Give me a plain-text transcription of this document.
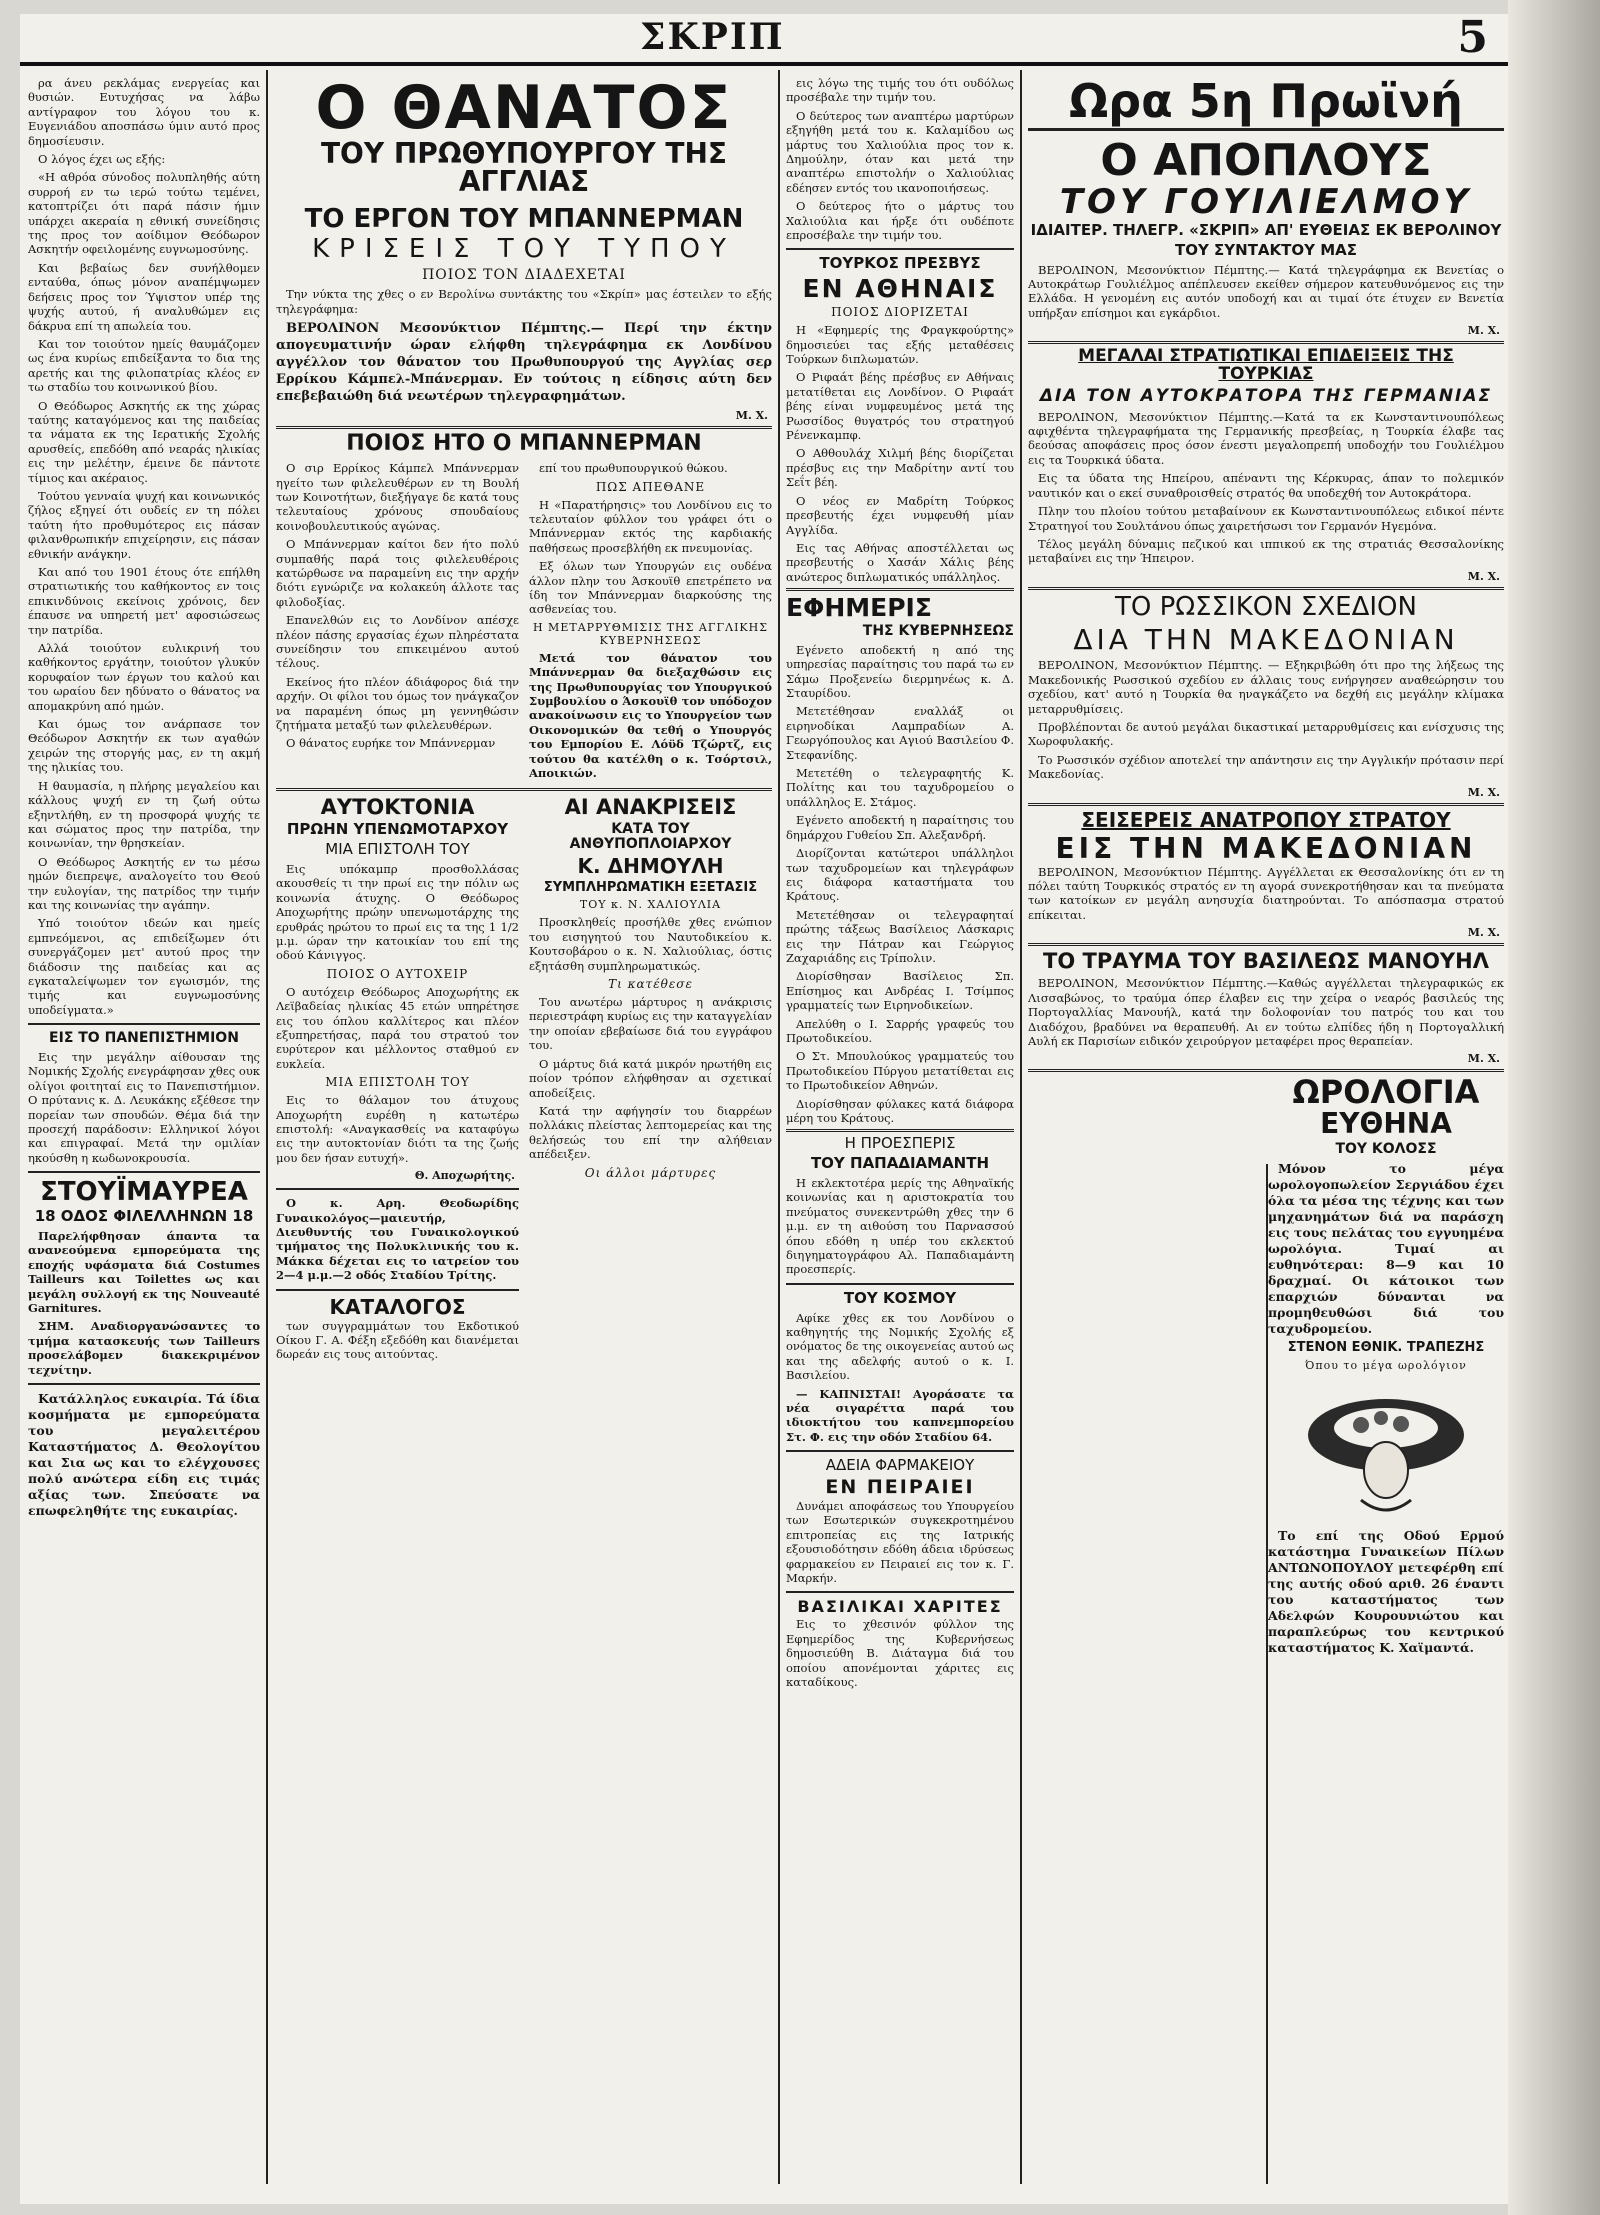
ΣΚΡΙΠ	5

ρα άνευ ρεκλάμας ενεργείας και θυσιών. Ευτυχήσας να λάβω αντίγραφον του λόγου του κ. Ευγενιάδου αποσπάσω ύμιν αυτό προς δημοσίευσιν.

Ο λόγος έχει ως εξής:

«Η αθρόα σύνοδος πολυπληθής αύτη συρροή εν τω ιερώ τούτω τεμένει, κατοπτρίζει ότι παρά πάσιν ήμιν υπάρχει ακεραία η εθνική συνείδησις της προς τον αοίδιμον Θεόδωρον Ασκητήν οφειλομένης ευγνωμοσύνης.

Και βεβαίως δεν συνήλθομεν ενταύθα, όπως μόνον αναπέμψωμεν δεήσεις προς τον Ύψιστον υπέρ της ψυχής αυτού, ή αναλυθώμεν εις δάκρυα επί τη απωλεία του.

Και τον τοιούτον ημείς θαυμάζομεν ως ένα κυρίως επιδείξαντα το δια της αρετής και της φιλοπατρίας κλέος εν τω σταδίω του κοινωνικού βίου.

Ο Θεόδωρος Ασκητής εκ της χώρας ταύτης καταγόμενος και της παιδείας τα νάματα εκ της Ιερατικής Σχολής αρυσθείς, επεδόθη από νεαράς ηλικίας εις την μελέτην, έμεινε δε πάντοτε τίμιος και ακέραιος.

Τούτου γενναία ψυχή και κοινωνικός ζήλος εξηγεί ότι ουδείς εν τη πόλει ταύτη ήτο προθυμότερος εις πάσαν φιλανθρωπικήν επιχείρησιν, εις πάσαν εθνικήν ανάγκην.

Και από του 1901 έτους ότε επήλθη στρατιωτικής του καθήκοντος εν τοις επικινδύνοις εκείνοις χρόνοις, δεν έπαυσε να υπηρετή μετ' αφοσιώσεως την πατρίδα.

Αλλά τοιούτον ευλικρινή του καθήκοντος εργάτην, τοιούτον γλυκύν κορυφαίον των έργων του καλού και του ωραίου δεν ηδύνατο ο θάνατος να απομακρύνη από ημών.

Και όμως τον ανάρπασε τον Θεόδωρον Ασκητήν εκ των αγαθών χειρών της στοργής μας, εν τη ακμή της ηλικίας του.

Η θαυμασία, η πλήρης μεγαλείου και κάλλους ψυχή εν τη ζωή ούτω εξηντλήθη, εν τη προσφορά ψυχής τε και σώματος προς την πατρίδα, την κοινωνίαν, την θρησκείαν.

Ο Θεόδωρος Ασκητής εν τω μέσω ημών διεπρεψε, αναλογείτο του Θεού την ευλογίαν, της πατρίδος την τιμήν και της κοινωνίας την αγάπην.

Υπό τοιούτον ιδεών και ημείς εμπνεόμενοι, ας επιδείξωμεν ότι συνεργάζομεν μετ' αυτού προς την διάδοσιν της παιδείας και ας εγκαταλείψωμεν τον εγωισμόν, της τιμής και ευγνωμοσύνης υποδείγματα.»

ΕΙΣ ΤΟ ΠΑΝΕΠΙΣΤΗΜΙΟΝ

Εις την μεγάλην αίθουσαν της Νομικής Σχολής ενεγράφησαν χθες ουκ ολίγοι φοιτηταί εις το Πανεπιστήμιον. Ο πρύτανις κ. Δ. Λευκάκης εξέθεσε την πορείαν των σπουδών. Θέμα διά την προσεχή παράδοσιν: Ελληνικοί λόγοι και επιγραφαί. Μετά την ομιλίαν ηκούσθη η κωδωνοκρουσία.

ΣΤΟΥΪΜΑΥΡΕΑ
18 ΟΔΟΣ ΦΙΛΕΛΛΗΝΩΝ 18

Παρελήφθησαν άπαντα τα ανανεούμενα εμπορεύματα της εποχής υφάσματα διά Costumes Tailleurs και Toilettes ως και μεγάλη συλλογή εκ της Nouveauté Garnitures.

ΣΗΜ. Αναδιοργανώσαντες το τμήμα κατασκευής των Tailleurs προσελάβομεν διακεκριμένον τεχνίτην.

Κατάλληλος ευκαιρία. Τά ίδια κοσμήματα με εμπορεύματα του μεγαλειτέρου Καταστήματος Δ. Θεολογίτου και Σια ως και το ελέγχουσες πολύ ανώτερα είδη εις τιμάς αξίας των. Σπεύσατε να επωφεληθήτε της ευκαιρίας.

Ο ΘΑΝΑΤΟΣ
ΤΟΥ ΠΡΩΘΥΠΟΥΡΓΟΥ ΤΗΣ ΑΓΓΛΙΑΣ
ΤΟ ΕΡΓΟΝ ΤΟΥ ΜΠΑΝΝΕΡΜΑΝ
ΚΡΙΣΕΙΣ ΤΟΥ ΤΥΠΟΥ
ΠΟΙΟΣ ΤΟΝ ΔΙΑΔΕΧΕΤΑΙ

Την νύκτα της χθες ο εν Βερολίνω συντάκτης του «Σκρίπ» μας έστειλεν το εξής τηλεγράφημα:

ΒΕΡΟΛΙΝΟΝ Μεσονύκτιον Πέμπτης.— Περί την έκτην απογευματινήν ώραν ελήφθη τηλεγράφημα εκ Λονδίνου αγγέλλον τον θάνατον του Πρωθυπουργού της Αγγλίας σερ Ερρίκου Κάμπελ-Μπάνερμαν. Εν τούτοις η είδησις αύτη δεν επεβεβαιώθη διά νεωτέρων τηλεγραφημάτων.

Μ. Χ.
ΠΟΙΟΣ ΗΤΟ Ο ΜΠΑΝΝΕΡΜΑΝ

Ο σιρ Ερρίκος Κάμπελ Μπάννερμαν ηγείτο των φιλελευθέρων εν τη Βουλή των Κοινοτήτων, διεξήγαγε δε κατά τους τελευταίους χρόνους σπουδαίους κοινοβουλευτικούς αγώνας.

Ο Μπάννερμαν καίτοι δεν ήτο πολύ συμπαθής παρά τοις φιλελευθέροις κατώρθωσε να παραμείνη εις την αρχήν διότι εγνώριζε να κολακεύη άλλοτε τας φιλοδοξίας.

Επανελθών εις το Λονδίνον απέσχε πλέον πάσης εργασίας έχων πληρέστατα συνείδησιν του επικειμένου αυτού τέλους.

Εκείνος ήτο πλέον άδιάφορος διά την αρχήν. Οι φίλοι του όμως τον ηνάγκαζον να παραμένη όπως μη γεννηθώσιν ζητήματα μεταξύ των φιλελευθέρων.

Ο θάνατος ευρήκε τον Μπάννερμαν

επί του πρωθυπουργικού θώκου.

ΠΩΣ ΑΠΕΘΑΝΕ

Η «Παρατήρησις» του Λονδίνου εις το τελευταίον φύλλον του γράφει ότι ο Μπάννερμαν εκτός της καρδιακής παθήσεως προσεβλήθη εκ πνευμονίας.

Εξ όλων των Υπουργών εις ουδένα άλλον πλην του Άσκουϊθ επετρέπετο να ίδη τον Μπάννερμαν διαρκούσης της ασθενείας του.

Η ΜΕΤΑΡΡΥΘΜΙΣΙΣ ΤΗΣ ΑΓΓΛΙΚΗΣ ΚΥΒΕΡΝΗΣΕΩΣ

Μετά τον θάνατον του Μπάννερμαν θα διεξαχθώσιν εις της Πρωθυπουργίας τον Υπουργικού Συμβουλίου ο Άσκουϊθ τον υπόδοχον ανακοίνωσιν εις το Υπουργείον των Οικονομικών θα τεθή ο Υπουργός του Εμπορίου Ε. Λόϋδ Τζώρτζ, εις τούτου θα κατέλθη ο κ. Τσόρτσιλ, Αποικιών.

ΑΥΤΟΚΤΟΝΙΑ
ΠΡΩΗΝ ΥΠΕΝΩΜΟΤΑΡΧΟΥ
ΜΙΑ ΕΠΙΣΤΟΛΗ ΤΟΥ

Εις υπόκαμπρ προσθολλάσας ακουσθείς τι την πρωί εις την πόλιν ως κοινωνία άτυχης. Ο Θεόδωρος Αποχωρήτης πρώην υπενωμοτάρχης της ερυθράς ηρώτου το πρωί εις τα της 1 1/2 μ.μ. ώραν την κατοικίαν του επί της οδού Κάνιγγος.

ΠΟΙΟΣ Ο ΑΥΤΟΧΕΙΡ

Ο αυτόχειρ Θεόδωρος Αποχωρήτης εκ Λεϊβαδείας ηλικίας 45 ετών υπηρέτησε εις του όπλου καλλίτερος και πλέον εξυπηρετήσας, παρά του στρατού τον ευρύτερον και μέλλοντος σταθμού εν ευκλεία.

ΜΙΑ ΕΠΙΣΤΟΛΗ ΤΟΥ

Εις το θάλαμον του άτυχους Αποχωρήτη ευρέθη η κατωτέρω επιστολή: «Αναγκασθείς να καταφύγω εις την αυτοκτονίαν διότι τα της ζωής μου δεν ήσαν ευτυχή».

Θ. Αποχωρήτης.

Ο κ. Αρη. Θεοδωρίδης Γυναικολόγος—μαιευτήρ, Διευθυντής του Γυναικολογικού τμήματος της Πολυκλινικής του κ. Μάκκα δέχεται εις το ιατρείον του 2—4 μ.μ.—2 οδός Σταδίου Τρίτης.

ΚΑΤΑΛΟΓΟΣ

των συγγραμμάτων του Εκδοτικού Οίκου Γ. Α. Φέξη εξεδόθη και διανέμεται δωρεάν εις τους αιτούντας.

ΑΙ ΑΝΑΚΡΙΣΕΙΣ
ΚΑΤΑ ΤΟΥ ΑΝΘΥΠΟΠΛΟΙΑΡΧΟΥ
Κ. ΔΗΜΟΥΛΗ
ΣΥΜΠΛΗΡΩΜΑΤΙΚΗ ΕΞΕΤΑΣΙΣ
ΤΟΥ κ. Ν. ΧΑΛΙΟΥΛΙΑ

Προσκληθείς προσήλθε χθες ενώπιον του εισηγητού του Ναυτοδικείου κ. Κουτσοβάρου ο κ. Ν. Χαλιούλιας, όστις εξητάσθη συμπληρωματικώς.

Τι κατέθεσε

Του ανωτέρω μάρτυρος η ανάκρισις περιεστράφη κυρίως εις την καταγγελίαν την οποίαν εβεβαίωσε διά του εγγράφου του.

Ο μάρτυς διά κατά μικρόν ηρωτήθη εις ποίον τρόπον ελήφθησαν αι σχετικαί αποδείξεις.

Κατά την αφήγησίν του διαρρέων πολλάκις πλείστας λεπτομερείας και της θελήσεώς του επί την αλήθειαν απέδειξεν.

Οι άλλοι μάρτυρες

εις λόγω της τιμής του ότι ουδόλως προσέβαλε την τιμήν του.

Ο δεύτερος των αναπτέρω μαρτύρων εξηγήθη μετά του κ. Καλαμίδου ως μάρτυς του Χαλιούλια προς τον κ. Δημούλην, όταν και μετά την αναπτέρω επιστολήν ο Χαλιούλιας εδέησεν εντός του ικανοποιήσεως.

Ο δεύτερος ήτο ο μάρτυς του Χαλιούλια και ήρξε ότι ουδέποτε επροσέβαλε την τιμήν του.

ΤΟΥΡΚΟΣ ΠΡΕΣΒΥΣ
ΕΝ ΑΘΗΝΑΙΣ
ΠΟΙΟΣ ΔΙΟΡΙΖΕΤΑΙ

Η «Εφημερίς της Φραγκφούρτης» δημοσιεύει τας εξής μεταθέσεις Τούρκων διπλωματών.

Ο Ριφαάτ βέης πρέσβυς εν Αθήναις μετατίθεται εις Λονδίνον. Ο Ριφαάτ βέης είναι νυμφευμένος μετά της Ρωσσίδος θυγατρός του στρατηγού Ρένενκαμπφ.

Ο Αθθουλάχ Χιλμή βέης διορίζεται πρέσβυς εις την Μαδρίτην αντί του Σεΐτ βέη.

Ο νέος εν Μαδρίτη Τούρκος πρεσβευτής έχει νυμφευθή μίαν Αγγλίδα.

Εις τας Αθήνας αποστέλλεται ως πρεσβευτής ο Χασάν Χάλις βέης ανώτερος διπλωματικός υπάλληλος.

ΕΦΗΜΕΡΙΣ
ΤΗΣ ΚΥΒΕΡΝΗΣΕΩΣ

Εγένετο αποδεκτή η από της υπηρεσίας παραίτησις του παρά τω εν Σάμω Προξενείω διερμηνέως κ. Δ. Σταυρίδου.

Μετετέθησαν εναλλάξ οι ειρηνοδίκαι Λαμπραδίων Α. Γεωργόπουλος και Αγιού Βασιλείου Φ. Στεφανίδης.

Μετετέθη ο τελεγραφητής Κ. Πολίτης και του ταχυδρομείου ο υπάλληλος Ε. Στάμος.

Εγένετο αποδεκτή η παραίτησις του δημάρχου Γυθείου Σπ. Αλεξανδρή.

Διορίζονται κατώτεροι υπάλληλοι των ταχυδρομείων και τηλεγράφων εις διάφορα καταστήματα του Κράτους.

Μετετέθησαν οι τελεγραφηταί πρώτης τάξεως Βασίλειος Λάσκαρις εις την Πάτραν και Γεώργιος Ζαχαριάδης εις Τρίπολιν.

Διορίσθησαν Βασίλειος Σπ. Επίσημος και Ανδρέας Ι. Τσίμπος γραμματείς των Ειρηνοδικείων.

Απελύθη ο Ι. Σαρρής γραφεύς του Πρωτοδικείου.

Ο Στ. Μπουλούκος γραμματεύς του Πρωτοδικείου Πύργου μετατίθεται εις το Πρωτοδικείον Αθηνών.

Διορίσθησαν φύλακες κατά διάφορα μέρη του Κράτους.

Η ΠΡΟΕΣΠΕΡΙΣ
ΤΟΥ ΠΑΠΑΔΙΑΜΑΝΤΗ

Η εκλεκτοτέρα μερίς της Αθηναϊκής κοινωνίας και η αριστοκρατία του πνεύματος συνεκεντρώθη χθες την 6 μ.μ. εν τη αιθούση του Παρνασσού όπου εδόθη η υπέρ του εκλεκτού διηγηματογράφου Αλ. Παπαδιαμάντη προεσπερίς.

ΤΟΥ ΚΟΣΜΟΥ

Αφίκε χθες εκ του Λονδίνου ο καθηγητής της Νομικής Σχολής εξ ονόματος δε της οικογενείας αυτού ως και της αδελφής αυτού ο κ. Ι. Βασιλείου.

— ΚΑΠΝΙΣΤΑΙ! Αγοράσατε τα νέα σιγαρέττα παρά του ιδιοκτήτου του καπνεμπορείου Στ. Φ. εις την οδόν Σταδίου 64.

ΑΔΕΙΑ ΦΑΡΜΑΚΕΙΟΥ
ΕΝ ΠΕΙΡΑΙΕΙ

Δυνάμει αποφάσεως του Υπουργείου των Εσωτερικών συγκεκροτημένου επιτροπείας εις της Ιατρικής εξουσιοδότησιν εδόθη άδεια ιδρύσεως φαρμακείου εν Πειραιεί εις τον κ. Γ. Μαρκήν.

ΒΑΣΙΛΙΚΑΙ ΧΑΡΙΤΕΣ

Εις το χθεσινόν φύλλον της Εφημερίδος της Κυβερνήσεως δημοσιεύθη Β. Διάταγμα διά του οποίου απονέμονται χάριτες εις καταδίκους.

Ωρα 5η Πρωϊνή
Ο ΑΠΟΠΛΟΥΣ
ΤΟΥ ΓΟΥΙΛΙΕΛΜΟΥ
ΙΔΙΑΙΤΕΡ. ΤΗΛΕΓΡ. «ΣΚΡΙΠ» ΑΠ' ΕΥΘΕΙΑΣ ΕΚ ΒΕΡΟΛΙΝΟΥ
ΤΟΥ ΣΥΝΤΑΚΤΟΥ ΜΑΣ

ΒΕΡΟΛΙΝΟΝ, Μεσονύκτιον Πέμπτης.— Κατά τηλεγράφημα εκ Βενετίας ο Αυτοκράτωρ Γουλιέλμος απέπλευσεν εκείθεν σήμερον κατευθυνόμενος εις την Ελλάδα. Η γενομένη εις αυτόν υποδοχή και αι τιμαί ότε έτυχεν εν Βενετία υπήρξαν επίσημοι και εγκάρδιοι.

Μ. Χ.
ΜΕΓΑΛΑΙ ΣΤΡΑΤΙΩΤΙΚΑΙ ΕΠΙΔΕΙΞΕΙΣ ΤΗΣ ΤΟΥΡΚΙΑΣ
ΔΙΑ ΤΟΝ ΑΥΤΟΚΡΑΤΟΡΑ ΤΗΣ ΓΕΡΜΑΝΙΑΣ

ΒΕΡΟΛΙΝΟΝ, Μεσονύκτιον Πέμπτης.—Κατά τα εκ Κωνσταντινουπόλεως αφιχθέντα τηλεγραφήματα της Γερμανικής πρεσβείας, η Τουρκία έλαβε τας δεούσας αποφάσεις προς όσον ένεστι μεγαλοπρεπή υποδοχήν του Γουλιέλμου εις τα Τουρκικά ύδατα.

Εις τα ύδατα της Ηπείρου, απέναντι της Κέρκυρας, άπαν το πολεμικόν ναυτικόν και ο εκεί συναθροισθείς στρατός θα υποδεχθή τον Αυτοκράτορα.

Πλην του πλοίου τούτου μεταβαίνουν εκ Κωνσταντινουπόλεως ειδικοί πέντε Στρατηγοί του Σουλτάνου όπως χαιρετήσωσι τον Γερμανόν Ηγεμόνα.

Τέλος μεγάλη δύναμις πεζικού και ιππικού εκ της στρατιάς Θεσσαλονίκης μεταβαίνει εις την Ήπειρον.

Μ. Χ.
ΤΟ ΡΩΣΣΙΚΟΝ ΣΧΕΔΙΟΝ
ΔΙΑ ΤΗΝ ΜΑΚΕΔΟΝΙΑΝ

ΒΕΡΟΛΙΝΟΝ, Μεσονύκτιον Πέμπτης. — Εξηκριβώθη ότι προ της λήξεως της Μακεδονικής Ρωσσικού σχεδίου εν άλλαις τους ενήργησεν αναθεώρησιν του σχεδίου, κατ' αυτό η Τουρκία θα ηναγκάζετο να δεχθή εις μεγάλην κλίμακα μεταρρυθμίσεις.

Προβλέπονται δε αυτού μεγάλαι δικαστικαί μεταρρυθμίσεις και ενίσχυσις της Χωροφυλακής.

Το Ρωσσικόν σχέδιον αποτελεί την απάντησιν εις την Αγγλικήν πρότασιν περί Μακεδονίας.

Μ. Χ.
ΣΕΙΣΕΡΕΙΣ ΑΝΑΤΡΟΠΟΥ ΣΤΡΑΤΟΥ
ΕΙΣ ΤΗΝ ΜΑΚΕΔΟΝΙΑΝ

ΒΕΡΟΛΙΝΟΝ, Μεσονύκτιον Πέμπτης. Αγγέλλεται εκ Θεσσαλονίκης ότι εν τη πόλει ταύτη Τουρκικός στρατός εν τη αγορά συνεκροτήθησαν και τα πνεύματα των κατοίκων εν μεγάλη ανησυχία διατηρούνται. Το απόσπασμα στρατού επίκειται.

Μ. Χ.
ΤΟ ΤΡΑΥΜΑ ΤΟΥ ΒΑΣΙΛΕΩΣ ΜΑΝΟΥΗΛ

ΒΕΡΟΛΙΝΟΝ, Μεσονύκτιον Πέμπτης.—Καθώς αγγέλλεται τηλεγραφικώς εκ Λισσαβώνος, το τραύμα όπερ έλαβεν εις την χείρα ο νεαρός βασιλεύς της Πορτογαλλίας Μανουήλ, κατά την δολοφονίαν του πατρός του και του Διαδόχου, βραδύνει να θεραπευθή. Αι εν τούτω ελπίδες ήδη η Πορτογαλλική Αυλή εκ Παρισίων ειδικόν χειρούργον μεταφέρει προς θεραπείαν.

Μ. Χ.
ΩΡΟΛΟΓΙΑ
ΕΥΘΗΝΑ
ΤΟΥ ΚΟΛΟΣΣ

Μόνον το μέγα ωρολογοπωλείον Σεργιάδου έχει όλα τα μέσα της τέχνης και των μηχανημάτων διά να παράσχη εις τους πελάτας του εγγυημένα ωρολόγια. Τιμαί αι ευθηνότεραι: 8—9 και 10 δραχμαί. Οι κάτοικοι των επαρχιών δύνανται να προμηθευθώσι διά του ταχυδρομείου.

ΣΤΕΝΟΝ ΕΘΝΙΚ. ΤΡΑΠΕΖΗΣ
Όπου το μέγα ωρολόγιον

Το επί της Οδού Ερμού κατάστημα Γυναικείων Πίλων ΑΝΤΩΝΟΠΟΥΛΟΥ μετεφέρθη επί της αυτής οδού αριθ. 26 έναντι του καταστήματος των Αδελφών Κουρουνιώτου και παραπλεύρως του κεντρικού καταστήματος Κ. Χαϊμαντά.
